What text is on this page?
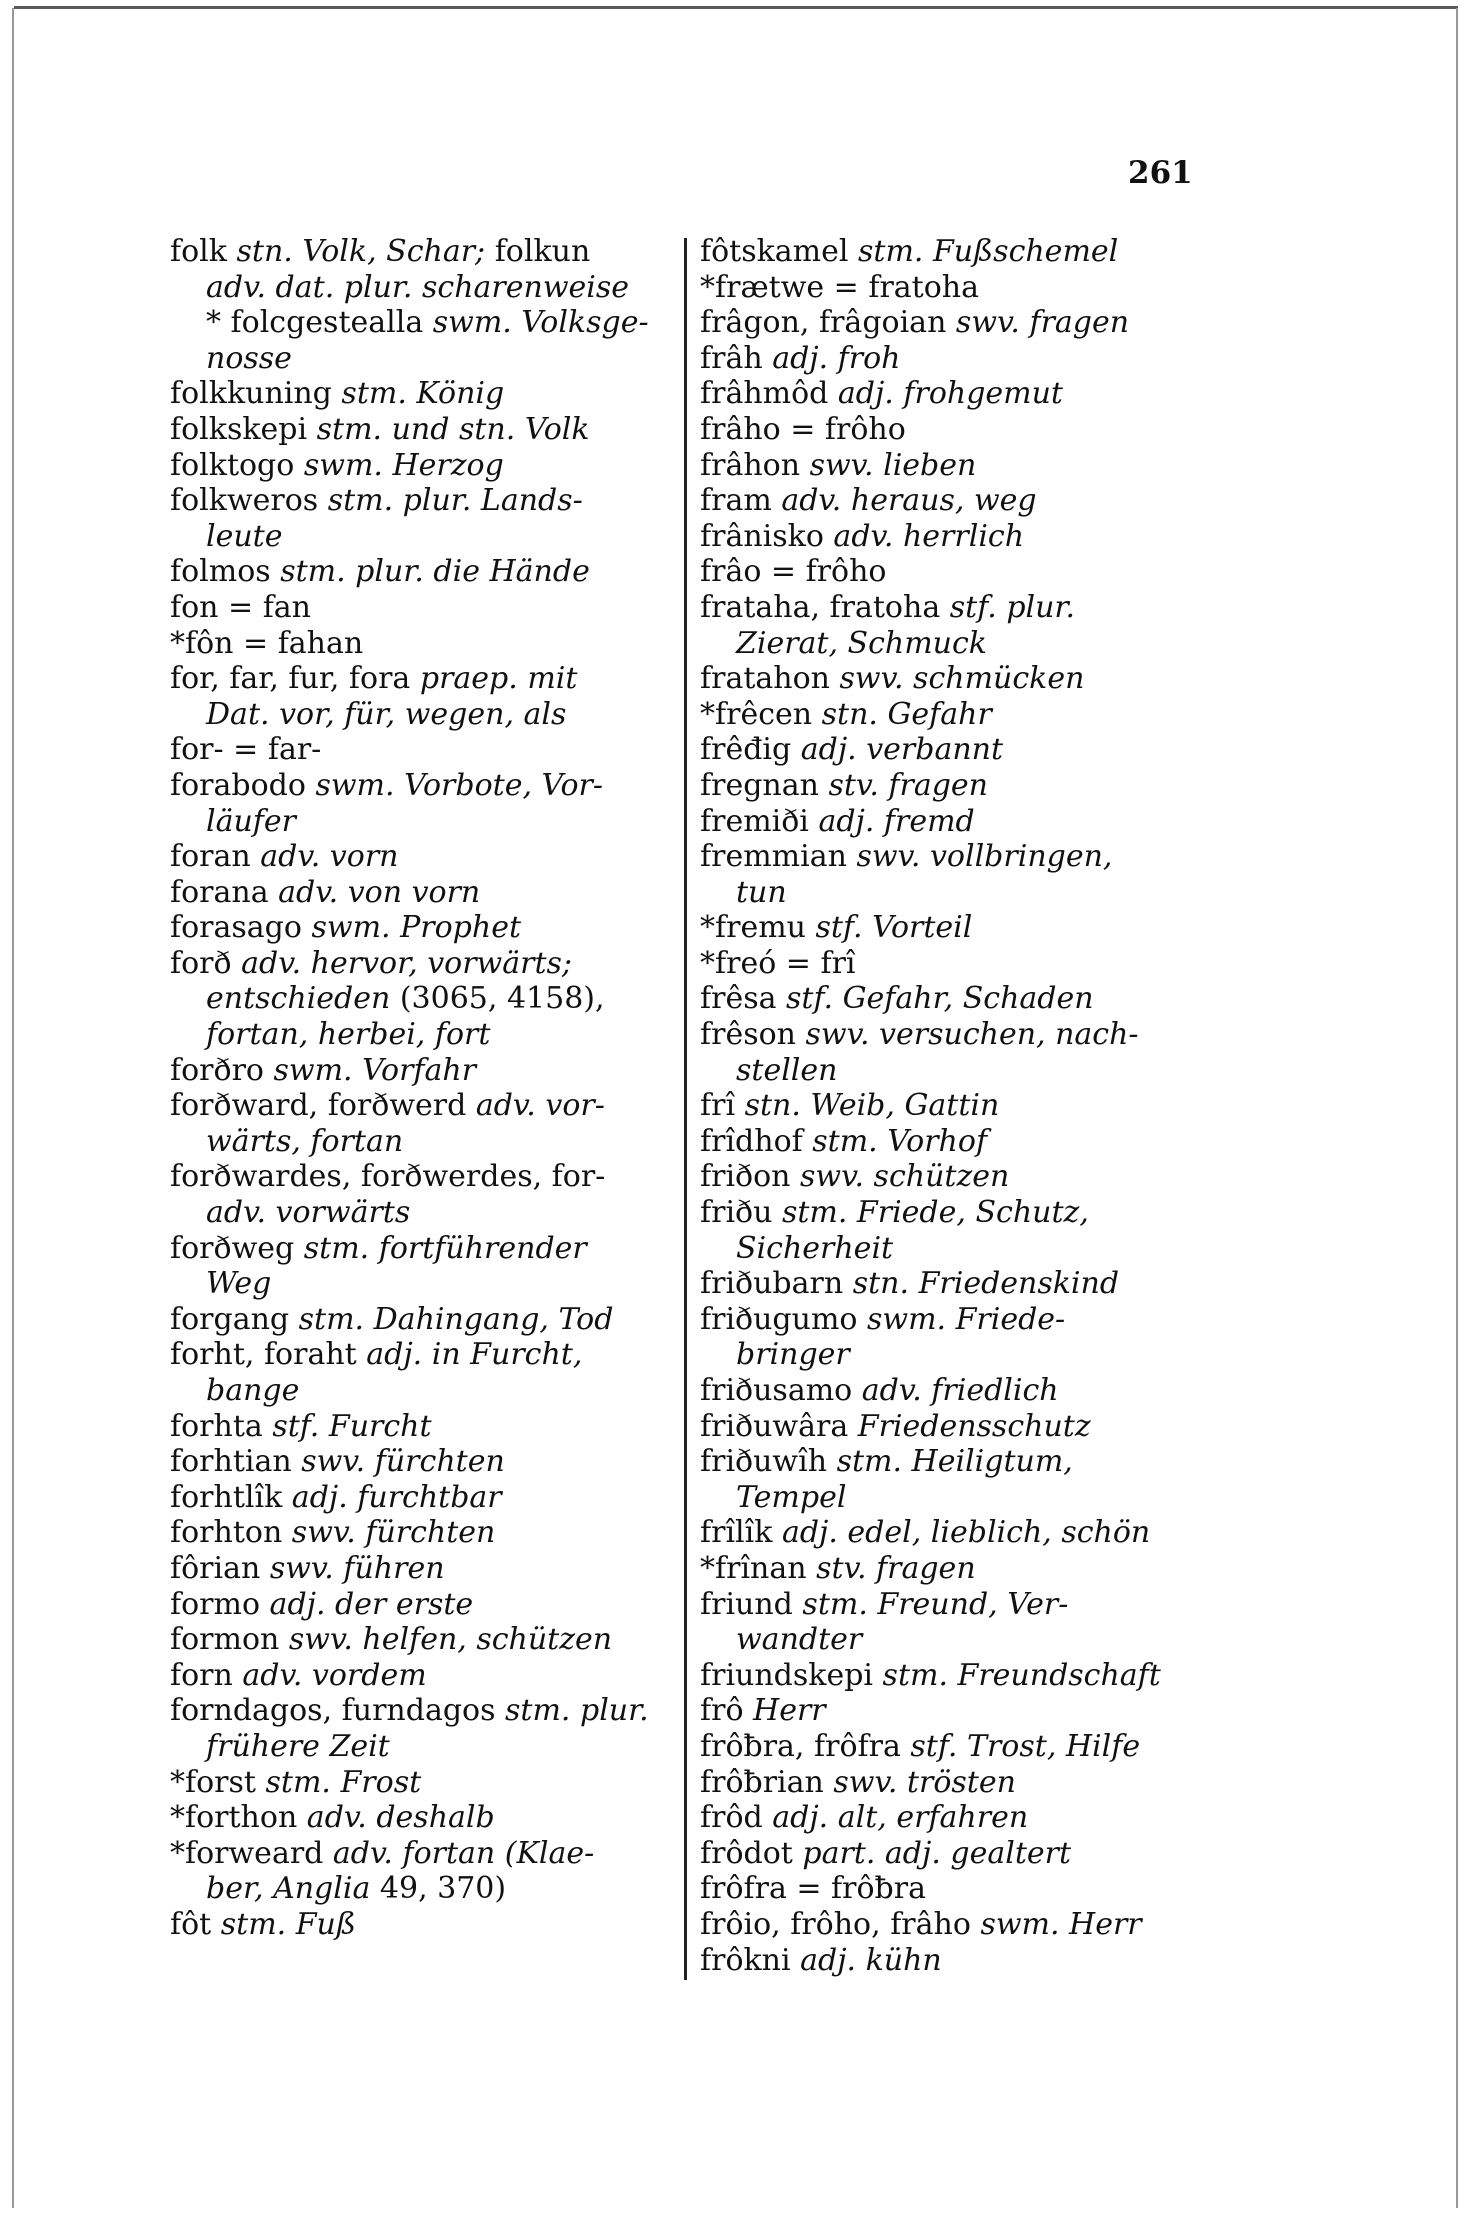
261
folk stn. Volk, Schar; folkun
adv. dat. plur. scharenweise
* folcgestealla swm. Volksge-
nosse
folkkuning stm. König
folkskepi stm. und stn. Volk
folktogo swm. Herzog
folkweros stm. plur. Lands-
leute
folmos stm. plur. die Hände
fon = fan
*fôn = fahan
for, far, fur, fora praep. mit
Dat. vor, für, wegen, als
for- = far-
forabodo swm. Vorbote, Vor-
läufer
foran adv. vorn
forana adv. von vorn
forasago swm. Prophet
forð adv. hervor, vorwärts;
entschieden (3065, 4158),
fortan, herbei, fort
forðro swm. Vorfahr
forðward, forðwerd adv. vor-
wärts, fortan
forðwardes, forðwerdes, for-
adv. vorwärts
forðweg stm. fortführender
Weg
forgang stm. Dahingang, Tod
forht, foraht adj. in Furcht,
bange
forhta stf. Furcht
forhtian swv. fürchten
forhtlîk adj. furchtbar
forhton swv. fürchten
fôrian swv. führen
formo adj. der erste
formon swv. helfen, schützen
forn adv. vordem
forndagos, furndagos stm. plur.
frühere Zeit
*forst stm. Frost
*forthon adv. deshalb
*forweard adv. fortan (Klae-
ber, Anglia 49, 370)
fôt stm. Fuß
fôtskamel stm. Fußschemel
*frætwe = fratoha
frâgon, frâgoian swv. fragen
frâh adj. froh
frâhmôd adj. frohgemut
frâho = frôho
frâhon swv. lieben
fram adv. heraus, weg
frânisko adv. herrlich
frâo = frôho
frataha, fratoha stf. plur.
Zierat, Schmuck
fratahon swv. schmücken
*frêcen stn. Gefahr
frêđig adj. verbannt
fregnan stv. fragen
fremiði adj. fremd
fremmian swv. vollbringen,
tun
*fremu stf. Vorteil
*freó = frî
frêsa stf. Gefahr, Schaden
frêson swv. versuchen, nach-
stellen
frî stn. Weib, Gattin
frîdhof stm. Vorhof
friðon swv. schützen
friðu stm. Friede, Schutz,
Sicherheit
friðubarn stn. Friedenskind
friðugumo swm. Friede-
bringer
friðusamo adv. friedlich
friðuwâra Friedensschutz
friðuwîh stm. Heiligtum,
Tempel
frîlîk adj. edel, lieblich, schön
*frînan stv. fragen
friund stm. Freund, Ver-
wandter
friundskepi stm. Freundschaft
frô Herr
frôƀra, frôfra stf. Trost, Hilfe
frôƀrian swv. trösten
frôd adj. alt, erfahren
frôdot part. adj. gealtert
frôfra = frôƀra
frôio, frôho, frâho swm. Herr
frôkni adj. kühn
